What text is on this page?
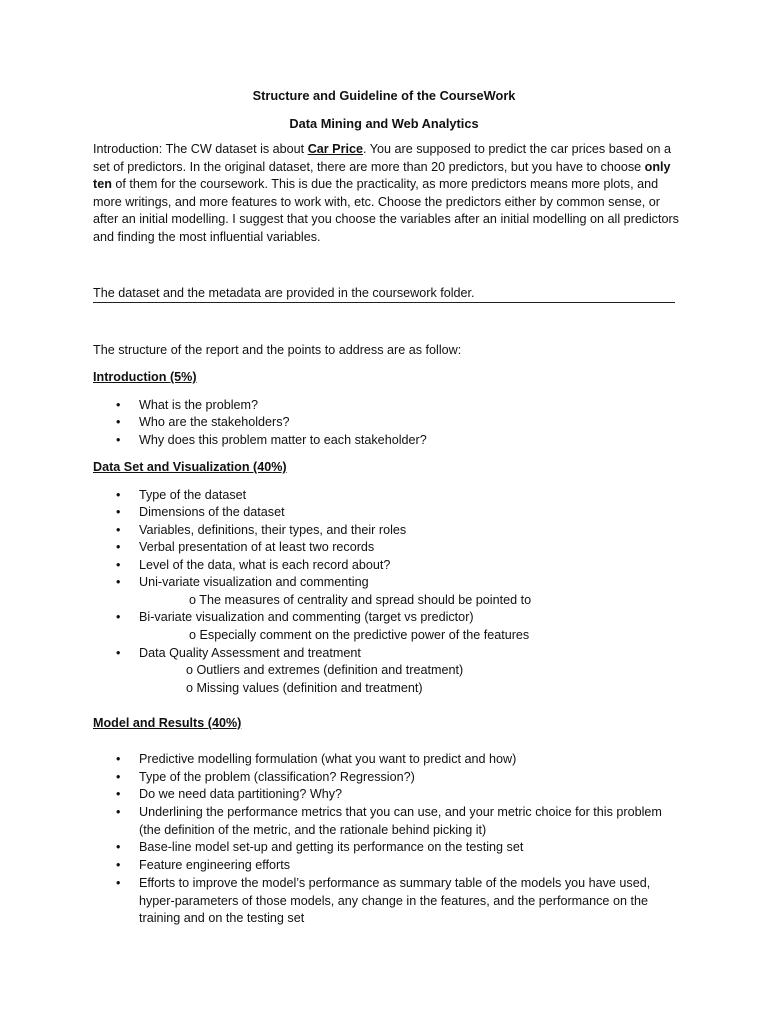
Structure and Guideline of the CourseWork
Data Mining and Web Analytics
Introduction: The CW dataset is about Car Price. You are supposed to predict the car prices based on a set of predictors. In the original dataset, there are more than 20 predictors, but you have to choose only ten of them for the coursework. This is due the practicality, as more predictors means more plots, and more writings, and more features to work with, etc. Choose the predictors either by common sense, or after an initial modelling. I suggest that you choose the variables after an initial modelling on all predictors and finding the most influential variables.
The dataset and the metadata are provided in the coursework folder.
The structure of the report and the points to address are as follow:
Introduction (5%)
• What is the problem?
• Who are the stakeholders?
• Why does this problem matter to each stakeholder?
Data Set and Visualization (40%)
• Type of the dataset
• Dimensions of the dataset
• Variables, definitions, their types, and their roles
• Verbal presentation of at least two records
• Level of the data, what is each record about?
• Uni-variate visualization and commenting
o The measures of centrality and spread should be pointed to
• Bi-variate visualization and commenting (target vs predictor)
o Especially comment on the predictive power of the features
• Data Quality Assessment and treatment
o Outliers and extremes (definition and treatment)
o Missing values (definition and treatment)
Model and Results (40%)
• Predictive modelling formulation (what you want to predict and how)
• Type of the problem (classification? Regression?)
• Do we need data partitioning? Why?
• Underlining the performance metrics that you can use, and your metric choice for this problem (the definition of the metric, and the rationale behind picking it)
• Base-line model set-up and getting its performance on the testing set
• Feature engineering efforts
• Efforts to improve the model’s performance as summary table of the models you have used, hyper-parameters of those models, any change in the features, and the performance on the training and on the testing set
